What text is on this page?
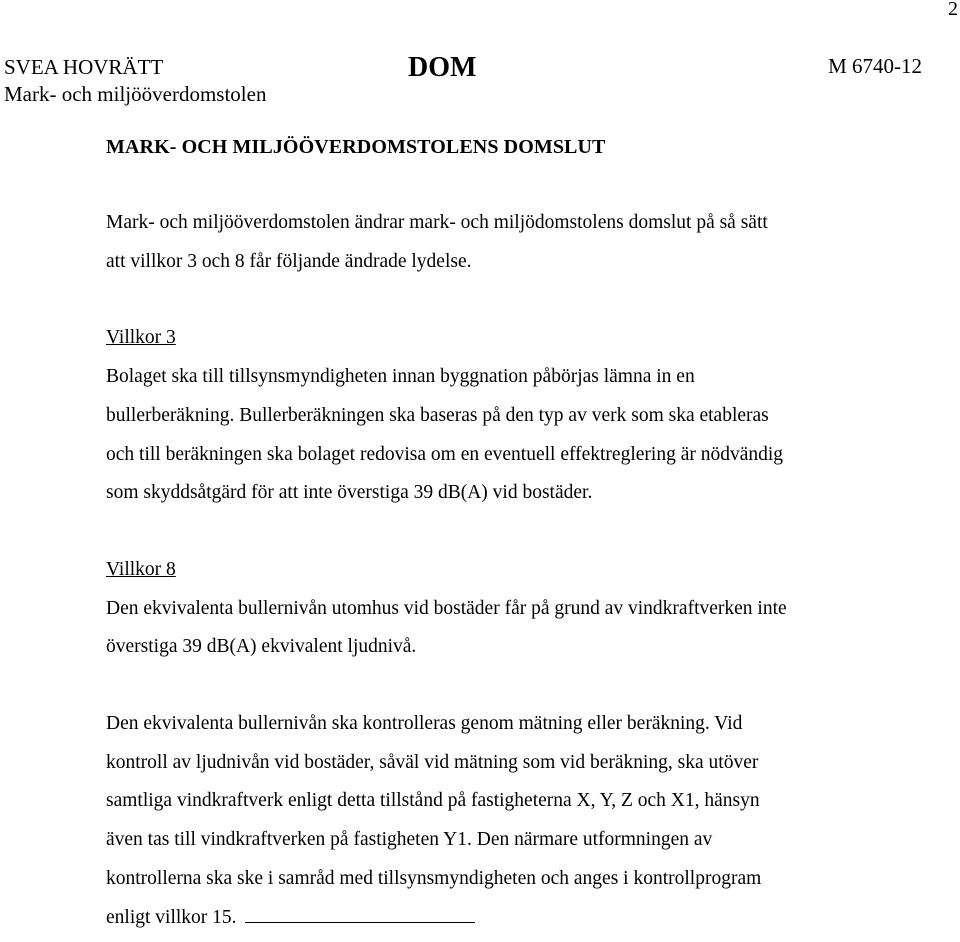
2
SVEA HOVRÄTT
Mark- och miljööverdomstolen
DOM	M 6740-12
MARK- OCH MILJÖÖVERDOMSTOLENS DOMSLUT

Mark- och miljööverdomstolen ändrar mark- och miljödomstolens domslut på så sätt
att villkor 3 och 8 får följande ändrade lydelse.

Villkor 3

Bolaget ska till tillsynsmyndigheten innan byggnation påbörjas lämna in en
bullerberäkning. Bullerberäkningen ska baseras på den typ av verk som ska etableras
och till beräkningen ska bolaget redovisa om en eventuell effektreglering är nödvändig
som skyddsåtgärd för att inte överstiga 39 dB(A) vid bostäder.

Villkor 8

Den ekvivalenta bullernivån utomhus vid bostäder får på grund av vindkraftverken inte
överstiga 39 dB(A) ekvivalent ljudnivå.

Den ekvivalenta bullernivån ska kontrolleras genom mätning eller beräkning. Vid
kontroll av ljudnivån vid bostäder, såväl vid mätning som vid beräkning, ska utöver
samtliga vindkraftverk enligt detta tillstånd på fastigheterna X, Y, Z och X1, hänsyn
även tas till vindkraftverken på fastigheten Y1. Den närmare utformningen av
kontrollerna ska ske i samråd med tillsynsmyndigheten och anges i kontrollprogram
enligt villkor 15.
